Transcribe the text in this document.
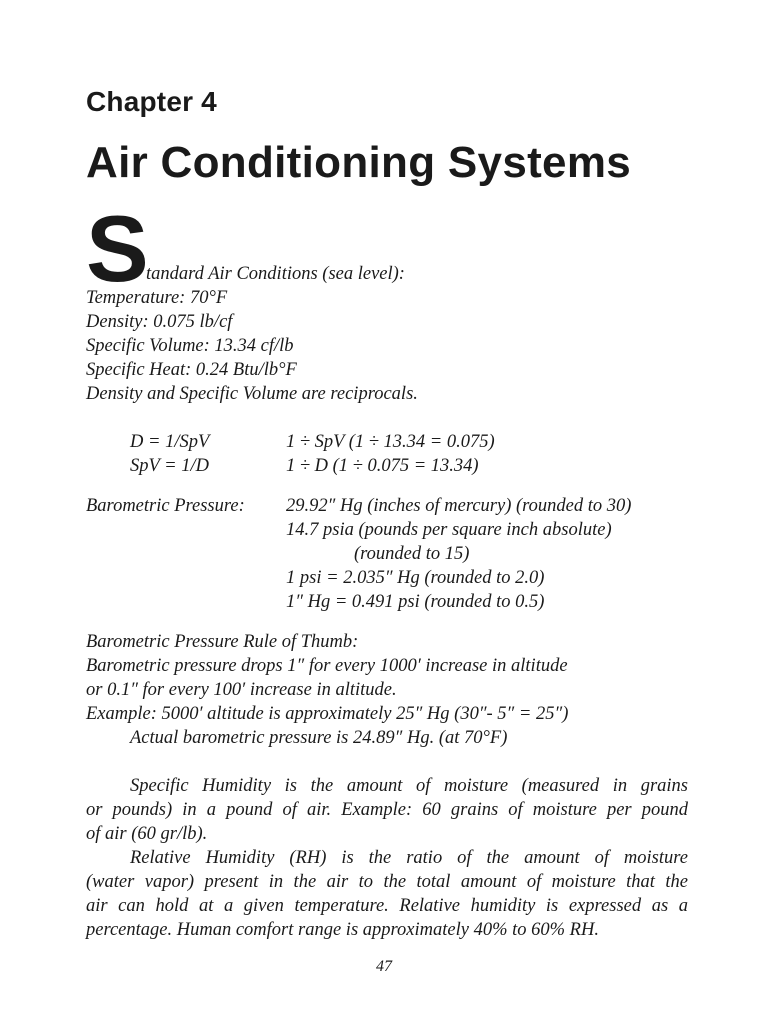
Chapter 4
Air Conditioning Systems
S
tandard Air Conditions (sea level):
Temperature: 70°F
Density: 0.075 lb/cf
Specific Volume: 13.34 cf/lb
Specific Heat: 0.24 Btu/lb°F
Density and Specific Volume are reciprocals.
D = 1/SpV	1 ÷ SpV (1 ÷ 13.34 = 0.075)
SpV = 1/D	1 ÷ D (1 ÷ 0.075 = 13.34)
Barometric Pressure: 29.92″ Hg (inches of mercury) (rounded to 30)
14.7 psia (pounds per square inch absolute)
(rounded to 15)
1 psi = 2.035″ Hg (rounded to 2.0)
1″ Hg = 0.491 psi (rounded to 0.5)
Barometric Pressure Rule of Thumb:
Barometric pressure drops 1″ for every 1000′ increase in altitude
or 0.1″ for every 100′ increase in altitude.
Example: 5000′ altitude is approximately 25″ Hg (30″- 5″ = 25″)
Actual barometric pressure is 24.89″ Hg. (at 70°F)
Specific Humidity is the amount of moisture (measured in grains
or pounds) in a pound of air. Example: 60 grains of moisture per pound
of air (60 gr/lb).
Relative Humidity (RH) is the ratio of the amount of moisture
(water vapor) present in the air to the total amount of moisture that the
air can hold at a given temperature. Relative humidity is expressed as a
percentage. Human comfort range is approximately 40% to 60% RH.
47
